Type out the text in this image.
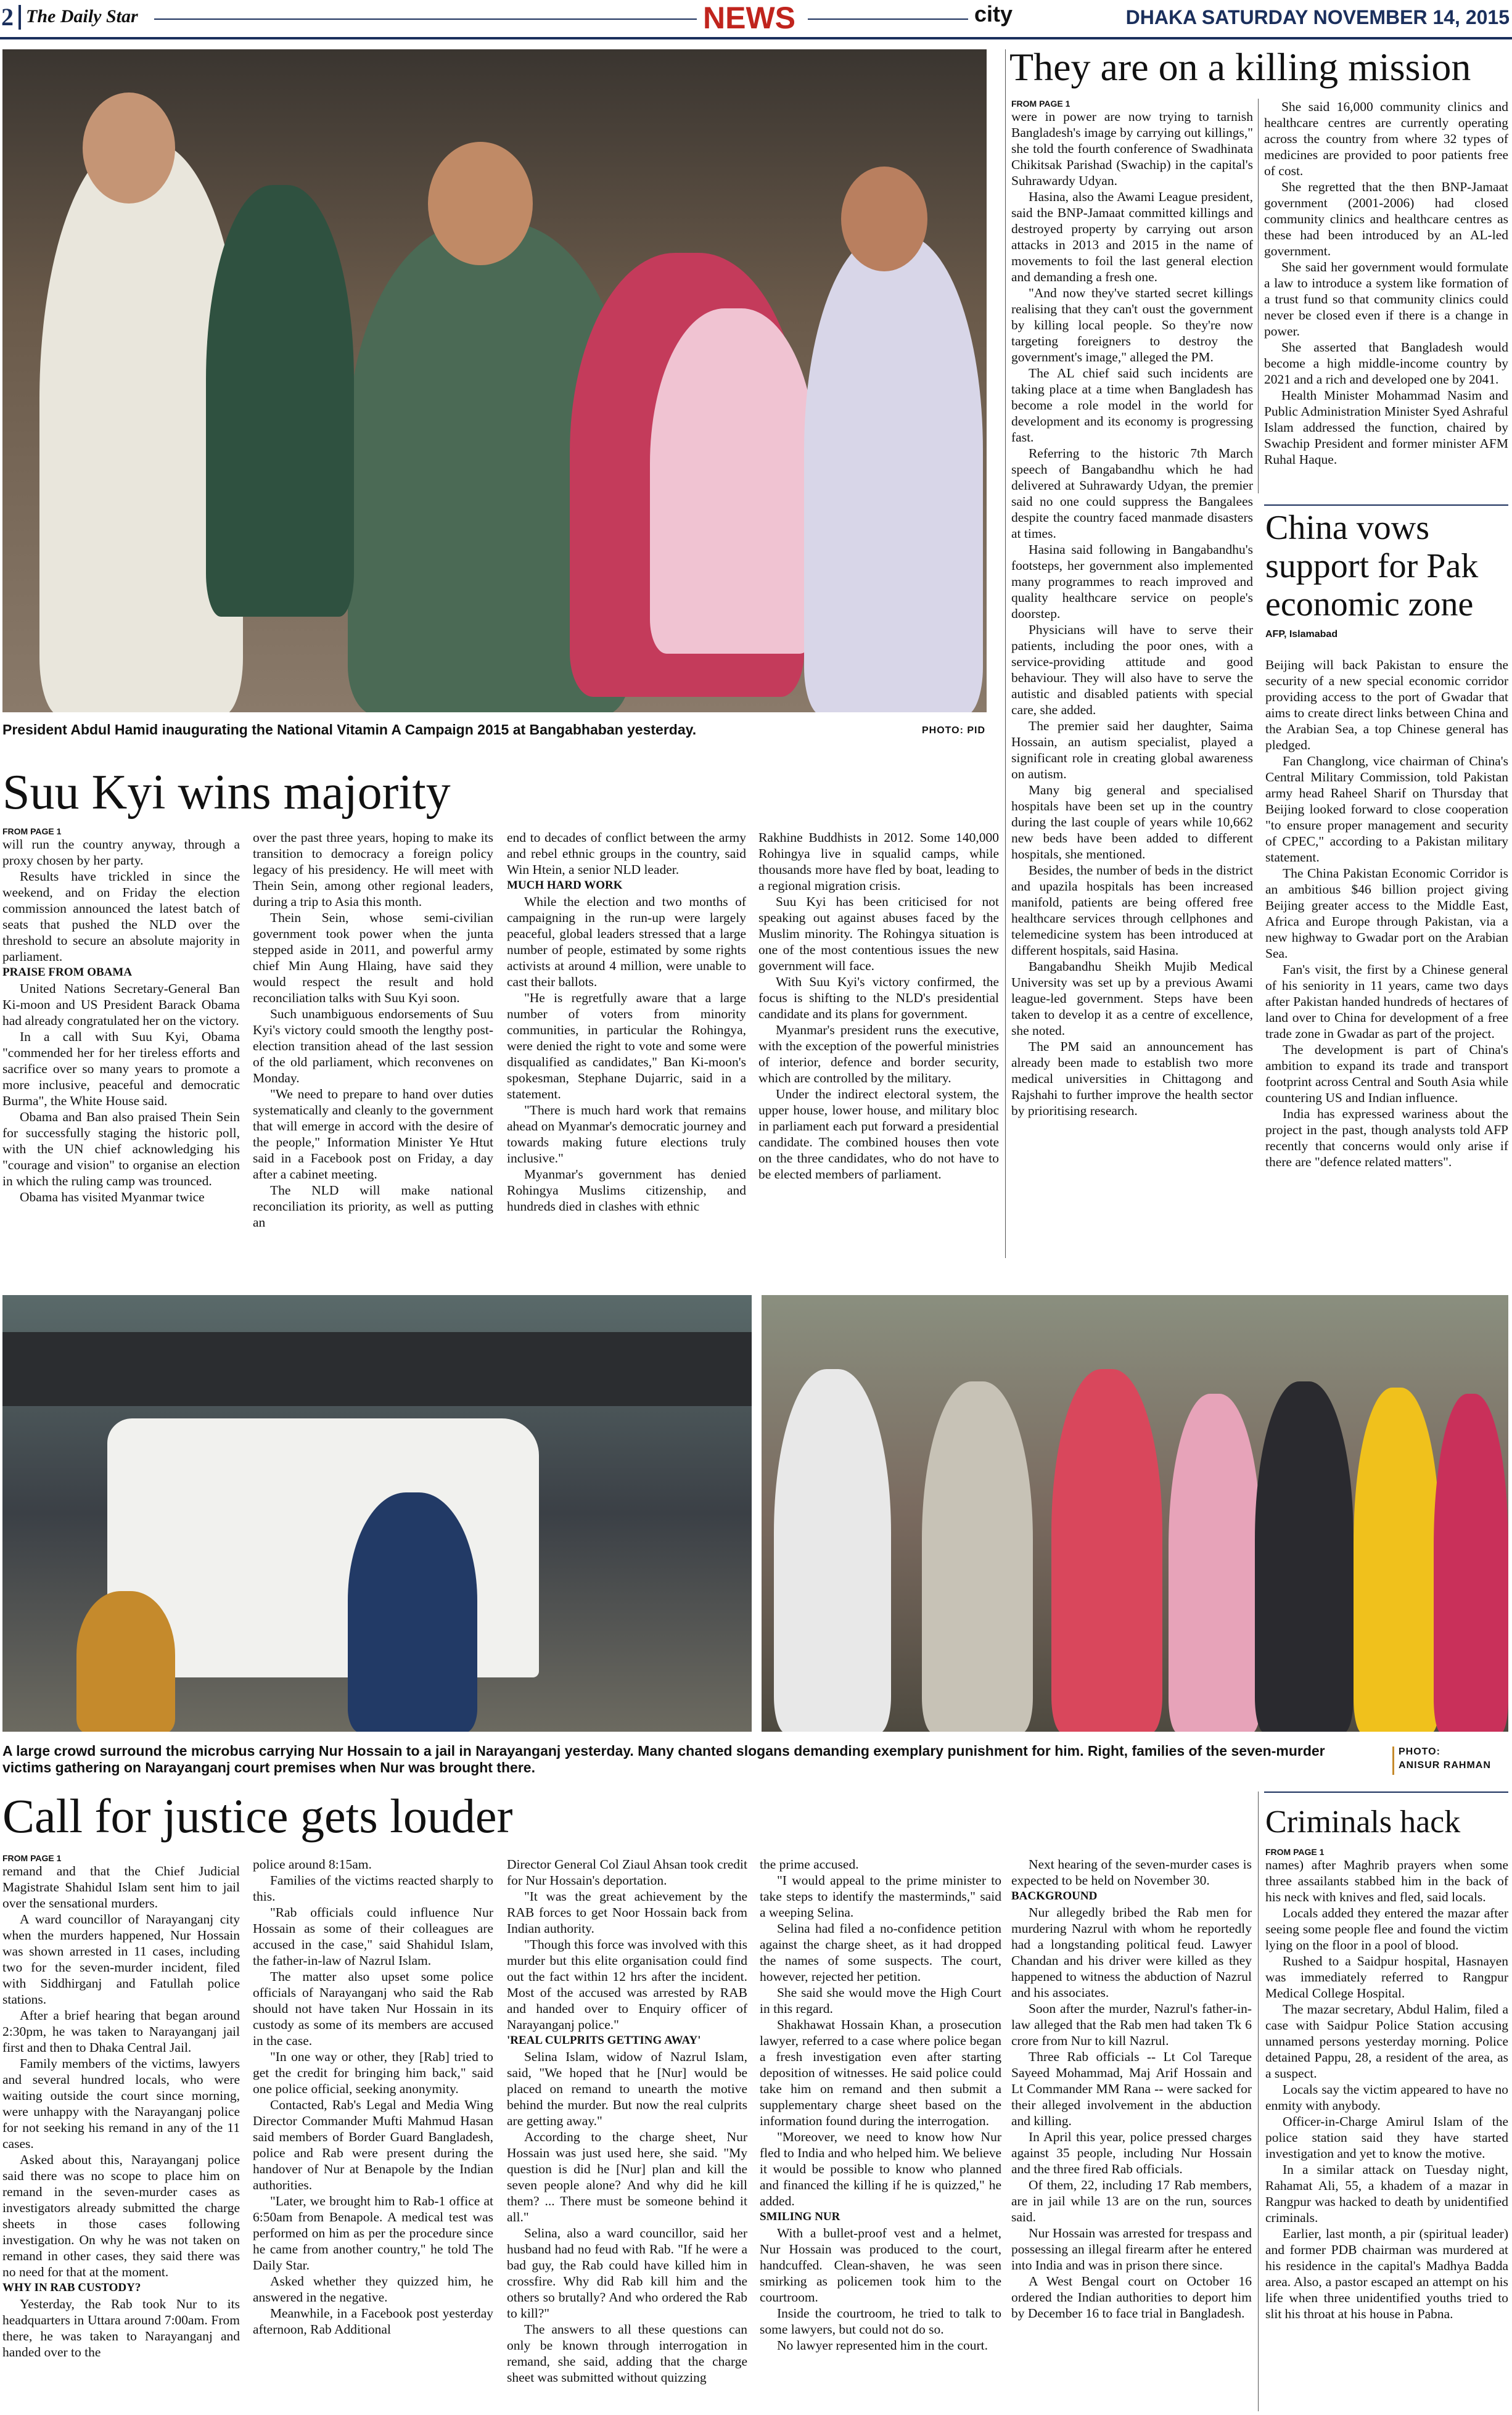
2 The Daily Star	NEWS	city	DHAKA SATURDAY NOVEMBER 14, 2015
President Abdul Hamid inaugurating the National Vitamin A Campaign 2015 at Bangabhaban yesterday.	PHOTO: PID
Suu Kyi wins majority

FROM PAGE 1

will run the country anyway, through a proxy chosen by her party.

Results have trickled in since the weekend, and on Friday the election commission announced the latest batch of seats that pushed the NLD over the threshold to secure an absolute majority in parliament.

PRAISE FROM OBAMA

United Nations Secretary-General Ban Ki-moon and US President Barack Obama had already congratulated her on the victory.

In a call with Suu Kyi, Obama "commended her for her tireless efforts and sacrifice over so many years to promote a more inclusive, peaceful and democratic Burma", the White House said.

Obama and Ban also praised Thein Sein for successfully staging the historic poll, with the UN chief acknowledging his "courage and vision" to organise an election in which the ruling camp was trounced.

Obama has visited Myanmar twice

over the past three years, hoping to make its transition to democracy a foreign policy legacy of his presidency. He will meet with Thein Sein, among other regional leaders, during a trip to Asia this month.

Thein Sein, whose semi-civilian government took power when the junta stepped aside in 2011, and powerful army chief Min Aung Hlaing, have said they would respect the result and hold reconciliation talks with Suu Kyi soon.

Such unambiguous endorsements of Suu Kyi's victory could smooth the lengthy post-election transition ahead of the last session of the old parliament, which reconvenes on Monday.

"We need to prepare to hand over duties systematically and cleanly to the government that will emerge in accord with the desire of the people," Information Minister Ye Htut said in a Facebook post on Friday, a day after a cabinet meeting.

The NLD will make national reconciliation its priority, as well as putting an

end to decades of conflict between the army and rebel ethnic groups in the country, said Win Htein, a senior NLD leader.

MUCH HARD WORK

While the election and two months of campaigning in the run-up were largely peaceful, global leaders stressed that a large number of people, estimated by some rights activists at around 4 million, were unable to cast their ballots.

"He is regretfully aware that a large number of voters from minority communities, in particular the Rohingya, were denied the right to vote and some were disqualified as candidates," Ban Ki-moon's spokesman, Stephane Dujarric, said in a statement.

"There is much hard work that remains ahead on Myanmar's democratic journey and towards making future elections truly inclusive."

Myanmar's government has denied Rohingya Muslims citizenship, and hundreds died in clashes with ethnic

Rakhine Buddhists in 2012. Some 140,000 Rohingya live in squalid camps, while thousands more have fled by boat, leading to a regional migration crisis.

Suu Kyi has been criticised for not speaking out against abuses faced by the Muslim minority. The Rohingya situation is one of the most contentious issues the new government will face.

With Suu Kyi's victory confirmed, the focus is shifting to the NLD's presidential candidate and its plans for government.

Myanmar's president runs the executive, with the exception of the powerful ministries of interior, defence and border security, which are controlled by the military.

Under the indirect electoral system, the upper house, lower house, and military bloc in parliament each put forward a presidential candidate. The combined houses then vote on the three candidates, who do not have to be elected members of parliament.

They are on a killing mission

FROM PAGE 1

were in power are now trying to tarnish Bangladesh's image by carrying out killings," she told the fourth conference of Swadhinata Chikitsak Parishad (Swachip) in the capital's Suhrawardy Udyan.

Hasina, also the Awami League president, said the BNP-Jamaat committed killings and destroyed property by carrying out arson attacks in 2013 and 2015 in the name of movements to foil the last general election and demanding a fresh one.

"And now they've started secret killings realising that they can't oust the government by killing local people. So they're now targeting foreigners to destroy the government's image," alleged the PM.

The AL chief said such incidents are taking place at a time when Bangladesh has become a role model in the world for development and its economy is progressing fast.

Referring to the historic 7th March speech of Bangabandhu which he had delivered at Suhrawardy Udyan, the premier said no one could suppress the Bangalees despite the country faced manmade disasters at times.

Hasina said following in Bangabandhu's footsteps, her government also implemented many programmes to reach improved and quality healthcare service on people's doorstep.

Physicians will have to serve their patients, including the poor ones, with a service-providing attitude and good behaviour. They will also have to serve the autistic and disabled patients with special care, she added.

The premier said her daughter, Saima Hossain, an autism specialist, played a significant role in creating global awareness on autism.

Many big general and specialised hospitals have been set up in the country during the last couple of years while 10,662 new beds have been added to different hospitals, she mentioned.

Besides, the number of beds in the district and upazila hospitals has been increased manifold, patients are being offered free healthcare services through cellphones and telemedicine system has been introduced at different hospitals, said Hasina.

Bangabandhu Sheikh Mujib Medical University was set up by a previous Awami league-led government. Steps have been taken to develop it as a centre of excellence, she noted.

The PM said an announcement has already been made to establish two more medical universities in Chittagong and Rajshahi to further improve the health sector by prioritising research.

She said 16,000 community clinics and healthcare centres are currently operating across the country from where 32 types of medicines are provided to poor patients free of cost.

She regretted that the then BNP-Jamaat government (2001-2006) had closed community clinics and healthcare centres as these had been introduced by an AL-led government.

She said her government would formulate a law to introduce a system like formation of a trust fund so that community clinics could never be closed even if there is a change in power.

She asserted that Bangladesh would become a high middle-income country by 2021 and a rich and developed one by 2041.

Health Minister Mohammad Nasim and Public Administration Minister Syed Ashraful Islam addressed the function, chaired by Swachip President and former minister AFM Ruhal Haque.

China vows support for Pak economic zone
AFP, Islamabad

Beijing will back Pakistan to ensure the security of a new special economic corridor providing access to the port of Gwadar that aims to create direct links between China and the Arabian Sea, a top Chinese general has pledged.

Fan Changlong, vice chairman of China's Central Military Commission, told Pakistan army head Raheel Sharif on Thursday that Beijing looked forward to close cooperation "to ensure proper management and security of CPEC," according to a Pakistan military statement.

The China Pakistan Economic Corridor is an ambitious $46 billion project giving Beijing greater access to the Middle East, Africa and Europe through Pakistan, via a new highway to Gwadar port on the Arabian Sea.

Fan's visit, the first by a Chinese general of his seniority in 11 years, came two days after Pakistan handed hundreds of hectares of land over to China for development of a free trade zone in Gwadar as part of the project.

The development is part of China's ambition to expand its trade and transport footprint across Central and South Asia while countering US and Indian influence.

India has expressed wariness about the project in the past, though analysts told AFP recently that concerns would only arise if there are "defence related matters".

A large crowd surround the microbus carrying Nur Hossain to a jail in Narayanganj yesterday. Many chanted slogans demanding exemplary punishment for him. Right, families of the seven-murder victims gathering on Narayanganj court premises when Nur was brought there.
PHOTO:
ANISUR RAHMAN
Call for justice gets louder

FROM PAGE 1

remand and that the Chief Judicial Magistrate Shahidul Islam sent him to jail over the sensational murders.

A ward councillor of Narayanganj city when the murders happened, Nur Hossain was shown arrested in 11 cases, including two for the seven-murder incident, filed with Siddhirganj and Fatullah police stations.

After a brief hearing that began around 2:30pm, he was taken to Narayanganj jail first and then to Dhaka Central Jail.

Family members of the victims, lawyers and several hundred locals, who were waiting outside the court since morning, were unhappy with the Narayanganj police for not seeking his remand in any of the 11 cases.

Asked about this, Narayanganj police said there was no scope to place him on remand in the seven-murder cases as investigators already submitted the charge sheets in those cases following investigation. On why he was not taken on remand in other cases, they said there was no need for that at the moment.

WHY IN RAB CUSTODY?

Yesterday, the Rab took Nur to its headquarters in Uttara around 7:00am. From there, he was taken to Narayanganj and handed over to the

police around 8:15am.

Families of the victims reacted sharply to this.

"Rab officials could influence Nur Hossain as some of their colleagues are accused in the case," said Shahidul Islam, the father-in-law of Nazrul Islam.

The matter also upset some police officials of Narayanganj who said the Rab should not have taken Nur Hossain in its custody as some of its members are accused in the case.

"In one way or other, they [Rab] tried to get the credit for bringing him back," said one police official, seeking anonymity.

Contacted, Rab's Legal and Media Wing Director Commander Mufti Mahmud Hasan said members of Border Guard Bangladesh, police and Rab were present during the handover of Nur at Benapole by the Indian authorities.

"Later, we brought him to Rab-1 office at 6:50am from Benapole. A medical test was performed on him as per the procedure since he came from another country," he told The Daily Star.

Asked whether they quizzed him, he answered in the negative.

Meanwhile, in a Facebook post yesterday afternoon, Rab Additional

Director General Col Ziaul Ahsan took credit for Nur Hossain's deportation.

"It was the great achievement by the RAB forces to get Noor Hossain back from Indian authority.

"Though this force was involved with this murder but this elite organisation could find out the fact within 12 hrs after the incident. Most of the accused was arrested by RAB and handed over to Enquiry officer of Narayanganj police."

'REAL CULPRITS GETTING AWAY'

Selina Islam, widow of Nazrul Islam, said, "We hoped that he [Nur] would be placed on remand to unearth the motive behind the murder. But now the real culprits are getting away."

According to the charge sheet, Nur Hossain was just used here, she said. "My question is did he [Nur] plan and kill the seven people alone? And why did he kill them? ... There must be someone behind it all."

Selina, also a ward councillor, said her husband had no feud with Rab. "If he were a bad guy, the Rab could have killed him in crossfire. Why did Rab kill him and the others so brutally? And who ordered the Rab to kill?"

The answers to all these questions can only be known through interrogation in remand, she said, adding that the charge sheet was submitted without quizzing

the prime accused.

"I would appeal to the prime minister to take steps to identify the masterminds," said a weeping Selina.

Selina had filed a no-confidence petition against the charge sheet, as it had dropped the names of some suspects. The court, however, rejected her petition.

She said she would move the High Court in this regard.

Shakhawat Hossain Khan, a prosecution lawyer, referred to a case where police began a fresh investigation even after starting deposition of witnesses. He said police could take him on remand and then submit a supplementary charge sheet based on the information found during the interrogation.

"Moreover, we need to know how Nur fled to India and who helped him. We believe it would be possible to know who planned and financed the killing if he is quizzed," he added.

SMILING NUR

With a bullet-proof vest and a helmet, Nur Hossain was produced to the court, handcuffed. Clean-shaven, he was seen smirking as policemen took him to the courtroom.

Inside the courtroom, he tried to talk to some lawyers, but could not do so.

No lawyer represented him in the court.

Next hearing of the seven-murder cases is expected to be held on November 30.

BACKGROUND

Nur allegedly bribed the Rab men for murdering Nazrul with whom he reportedly had a longstanding political feud. Lawyer Chandan and his driver were killed as they happened to witness the abduction of Nazrul and his associates.

Soon after the murder, Nazrul's father-in-law alleged that the Rab men had taken Tk 6 crore from Nur to kill Nazrul.

Three Rab officials -- Lt Col Tareque Sayeed Mohammad, Maj Arif Hossain and Lt Commander MM Rana -- were sacked for their alleged involvement in the abduction and killing.

In April this year, police pressed charges against 35 people, including Nur Hossain and the three fired Rab officials.

Of them, 22, including 17 Rab members, are in jail while 13 are on the run, sources said.

Nur Hossain was arrested for trespass and possessing an illegal firearm after he entered into India and was in prison there since.

A West Bengal court on October 16 ordered the Indian authorities to deport him by December 16 to face trial in Bangladesh.

Criminals hack

FROM PAGE 1

names) after Maghrib prayers when some three assailants stabbed him in the back of his neck with knives and fled, said locals.

Locals added they entered the mazar after seeing some people flee and found the victim lying on the floor in a pool of blood.

Rushed to a Saidpur hospital, Hasnayen was immediately referred to Rangpur Medical College Hospital.

The mazar secretary, Abdul Halim, filed a case with Saidpur Police Station accusing unnamed persons yesterday morning. Police detained Pappu, 28, a resident of the area, as a suspect.

Locals say the victim appeared to have no enmity with anybody.

Officer-in-Charge Amirul Islam of the police station said they have started investigation and yet to know the motive.

In a similar attack on Tuesday night, Rahamat Ali, 55, a khadem of a mazar in Rangpur was hacked to death by unidentified criminals.

Earlier, last month, a pir (spiritual leader) and former PDB chairman was murdered at his residence in the capital's Madhya Badda area. Also, a pastor escaped an attempt on his life when three unidentified youths tried to slit his throat at his house in Pabna.
